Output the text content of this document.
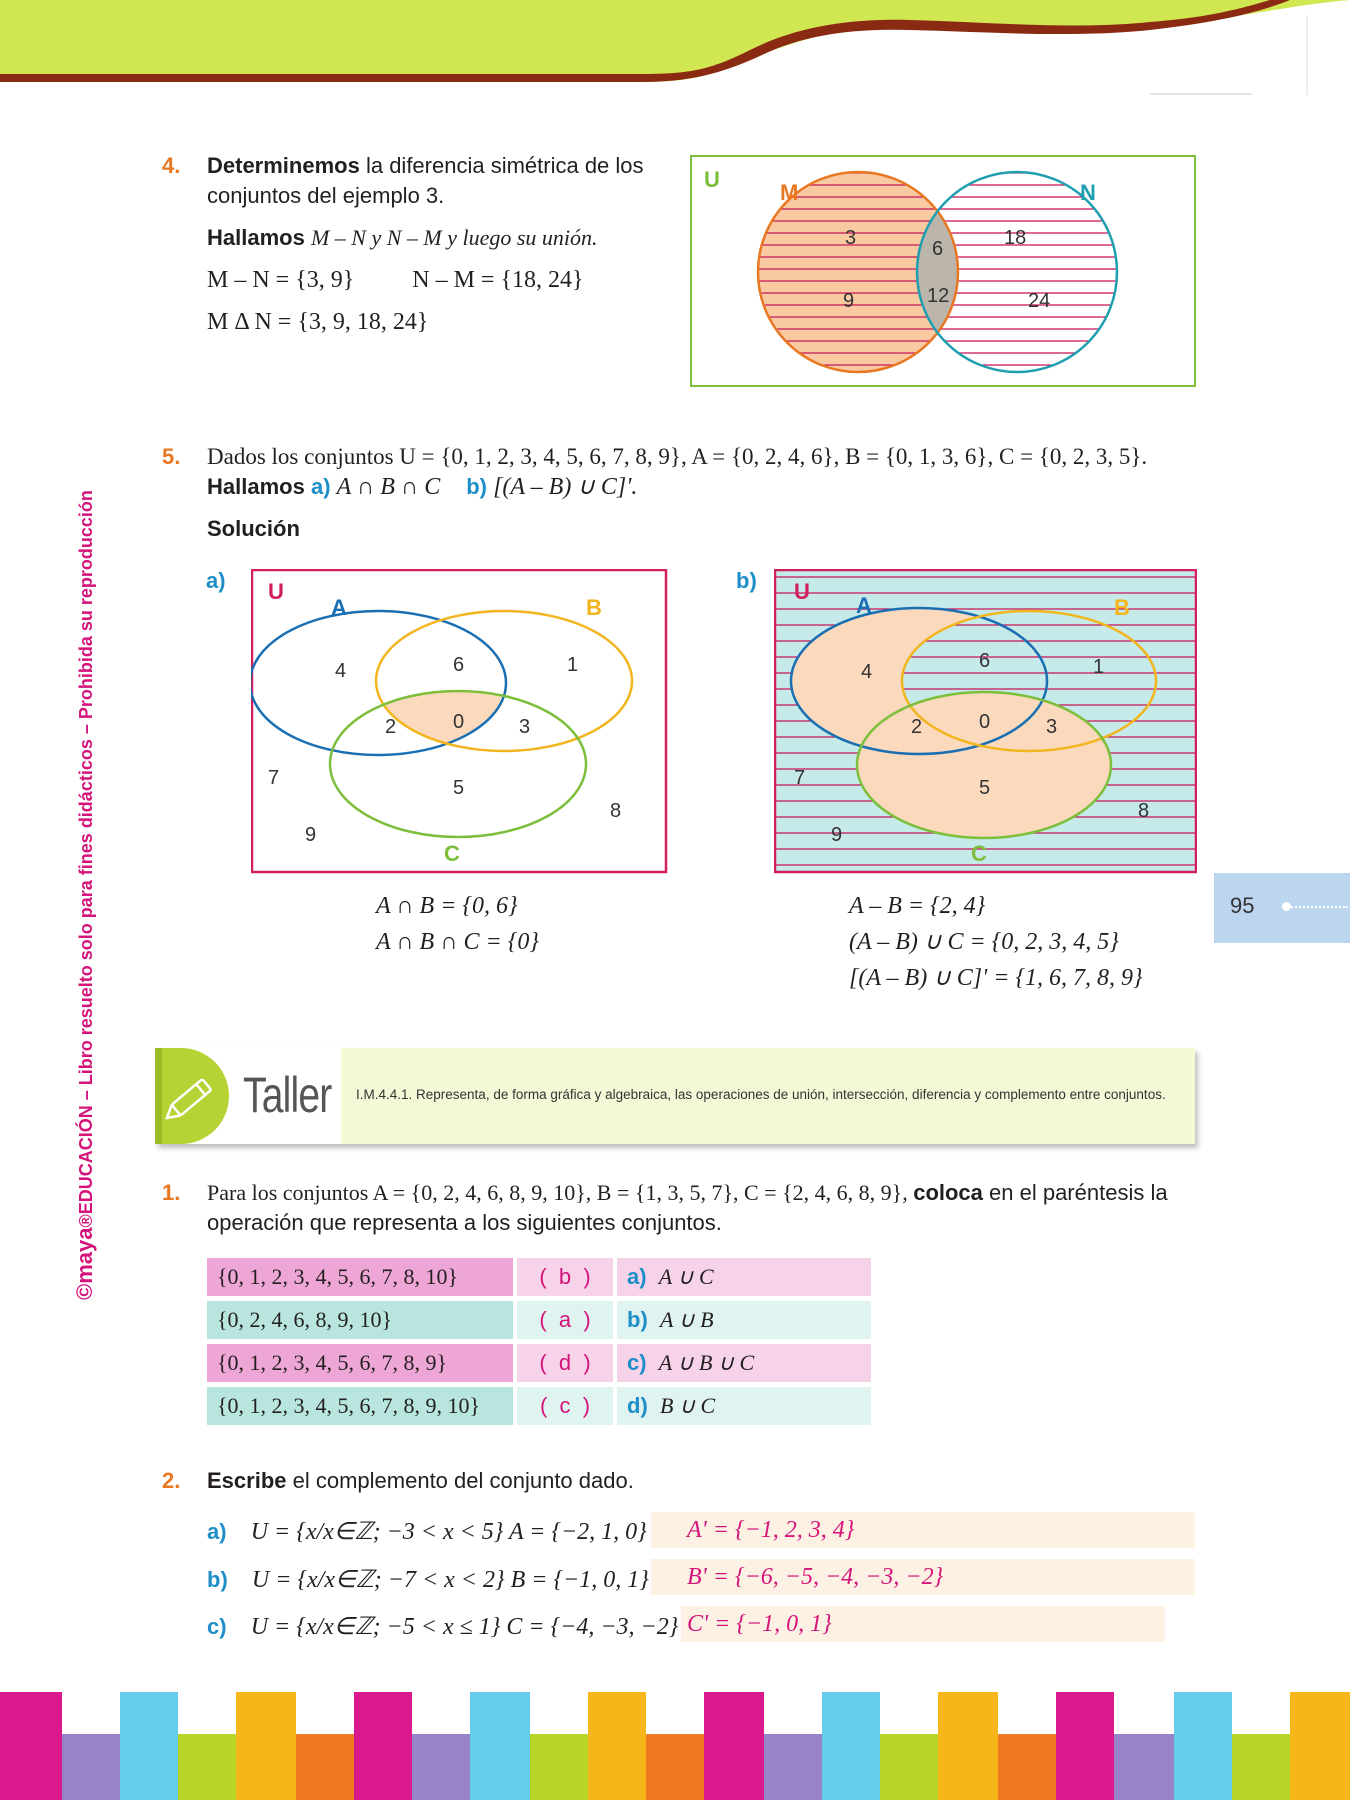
©maya®EDUCACIÓN – Libro resuelto solo para fines didácticos – Prohibida su reproducción	95
4. Determinemos la diferencia simétrica de los
conjuntos del ejemplo 3.
Hallamos M – N y N – M y luego su unión.
M – N = {3, 9} N – M = {18, 24}
M Δ N = {3, 9, 18, 24}
U
M	N
3
9
6
12
18
24
5. Dados los conjuntos U = {0, 1, 2, 3, 4, 5, 6, 7, 8, 9}, A = {0, 2, 4, 6}, B = {0, 1, 3, 6}, C = {0, 2, 3, 5}.
Hallamos a) A ∩ B ∩ C b) [(A – B) ∪ C]'.
Solución
a) U
A	B
C
4	6	1
2	0	3
5
7
9
8
b) U
A	B
C
4	6	1
2	0	3
5
7
9
8
A ∩ B = {0, 6}
A ∩ B ∩ C = {0}
A – B = {2, 4}
(A – B) ∪ C = {0, 2, 3, 4, 5}
[(A – B) ∪ C]' = {1, 6, 7, 8, 9}
Taller I.M.4.4.1. Representa, de forma gráfica y algebraica, las operaciones de unión, intersección, diferencia y complemento entre conjuntos.
1. Para los conjuntos A = {0, 2, 4, 6, 8, 9, 10}, B = {1, 3, 5, 7}, C = {2, 4, 6, 8, 9}, coloca en el paréntesis la
operación que representa a los siguientes conjuntos.
{0, 1, 2, 3, 4, 5, 6, 7, 8, 10}	(  b  )	a) A ∪ C
{0, 2, 4, 6, 8, 9, 10}	(  a  )	b) A ∪ B
{0, 1, 2, 3, 4, 5, 6, 7, 8, 9}	(  d  )	c) A ∪ B ∪ C
{0, 1, 2, 3, 4, 5, 6, 7, 8, 9, 10}	(  c  )	d) B ∪ C
2. Escribe el complemento del conjunto dado.
a) U = {x/x∈ℤ; −3 < x < 5} A = {−2, 1, 0}	A' = {−1, 2, 3, 4}
b) U = {x/x∈ℤ; −7 < x < 2} B = {−1, 0, 1}	B' = {−6, −5, −4, −3, −2}
c) U = {x/x∈ℤ; −5 < x ≤ 1} C = {−4, −3, −2} C' = {−1, 0, 1}
